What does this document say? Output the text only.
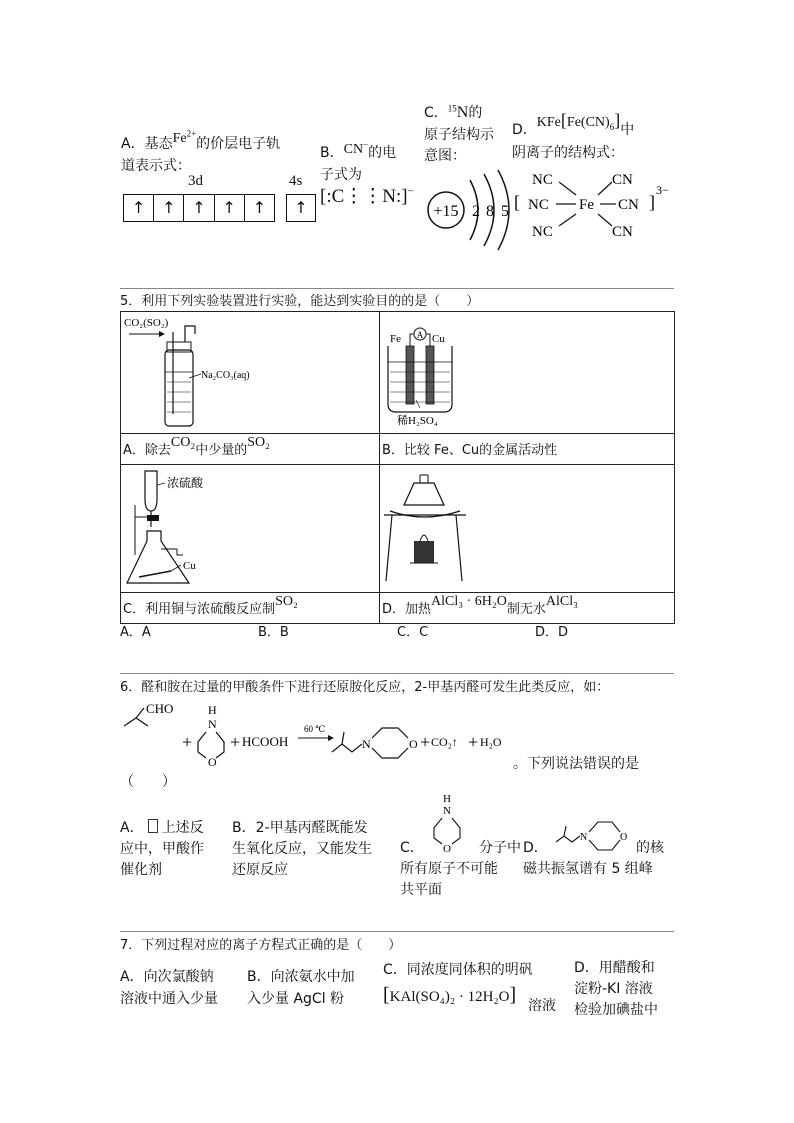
A．基态$Fe^{2+}$的价层电子轨
道表示式：
3d	4s
↑	↑	↑	↑	↑	↑
B．CN−的电
子式为
[:C⋮⋮N:]−
C．$^{15}$N的
原子结构示
意图：
+15 2 8 5
D．$KFe[Fe(CN)_6]$中
阴离子的结构式：
[
NC
NC
NC
Fe
CN
CN
CN
]
3−
5．利用下列实验装置进行实验，能达到实验目的的是（　　）
CO₂(SO₂)
Na₂CO₃(aq)	Fe Cu
A
稀H₂SO₄

A．除去CO₂中少量的SO₂	B．比较 Fe、Cu的金属活动性

浓硫酸
Cu

C．利用铜与浓硫酸反应制SO₂	D．加热AlCl₃ · 6H₂O制无水AlCl₃
A．A	B．B	C．C	D．D
6．醛和胺在过量的甲酸条件下进行还原胺化反应，2-甲基丙醛可发生此类反应，如：
CHO
+
H
N
O
+ HCOOH
60 ℃
N	O + CO₂↑ + H₂O
。下列说法错误的是
（　　）
A． 上述反
应中，甲酸作
催化剂
B．2-甲基丙醛既能发
生氧化反应，又能发生
还原反应
H
N
O
C．	分子中
所有原子不可能
共平面
D．
N	O
的核
磁共振氢谱有 5 组峰
7．下列过程对应的离子方程式正确的是（　　）
A．向次氯酸钠
溶液中通入少量
B．向浓氨水中加
入少量 AgCl 粉
C．同浓度同体积的明矾
[KAl(SO₄)₂ · 12H₂O] 溶液
D．用醋酸和
淀粉-KI 溶液
检验加碘盐中
